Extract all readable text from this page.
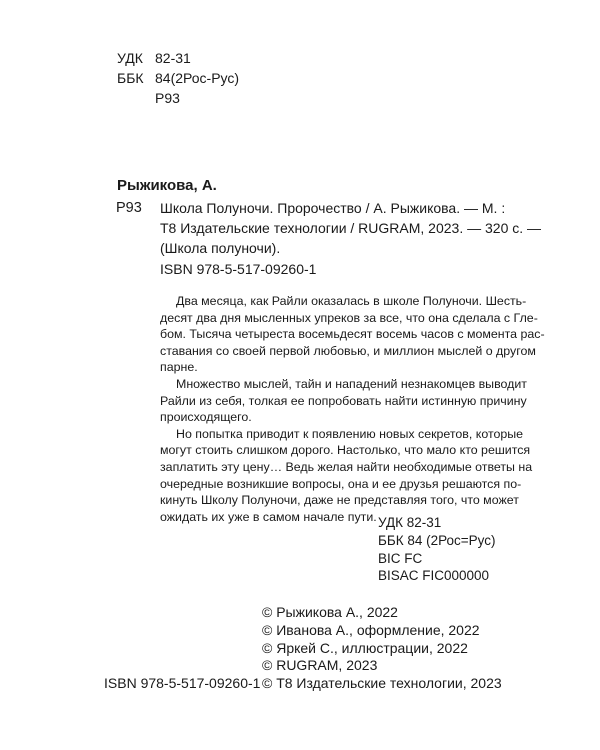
УДК 82-31
ББК 84(2Рос-Рус)
Р93
Рыжикова, А.
Р93 Школа Полуночи. Пророчество / А. Рыжикова. — М. :
Т8 Издательские технологии / RUGRAM, 2023. — 320 с. —
(Школа полуночи).
ISBN 978-5-517-09260-1

Два месяца, как Райли оказалась в школе Полуночи. Шесть-
десят два дня мысленных упреков за все, что она сделала с Гле-
бом. Тысяча четыреста восемьдесят восемь часов с момента рас-
ставания со своей первой любовью, и миллион мыслей о другом
парне.

Множество мыслей, тайн и нападений незнакомцев выводит
Райли из себя, толкая ее попробовать найти истинную причину
происходящего.

Но попытка приводит к появлению новых секретов, которые
могут стоить слишком дорого. Настолько, что мало кто решится
заплатить эту цену… Ведь желая найти необходимые ответы на
очередные возникшие вопросы, она и ее друзья решаются по-
кинуть Школу Полуночи, даже не представляя того, что может
ожидать их уже в самом начале пути. УДК 82-31
ББК 84 (2Рос=Рус)
BIC FC
BISAC FIC000000
© Рыжикова А., 2022
© Иванова А., оформление, 2022
© Яркей С., иллюстрации, 2022
© RUGRAM, 2023
© Т8 Издательские технологии, 2023
ISBN 978-5-517-09260-1
